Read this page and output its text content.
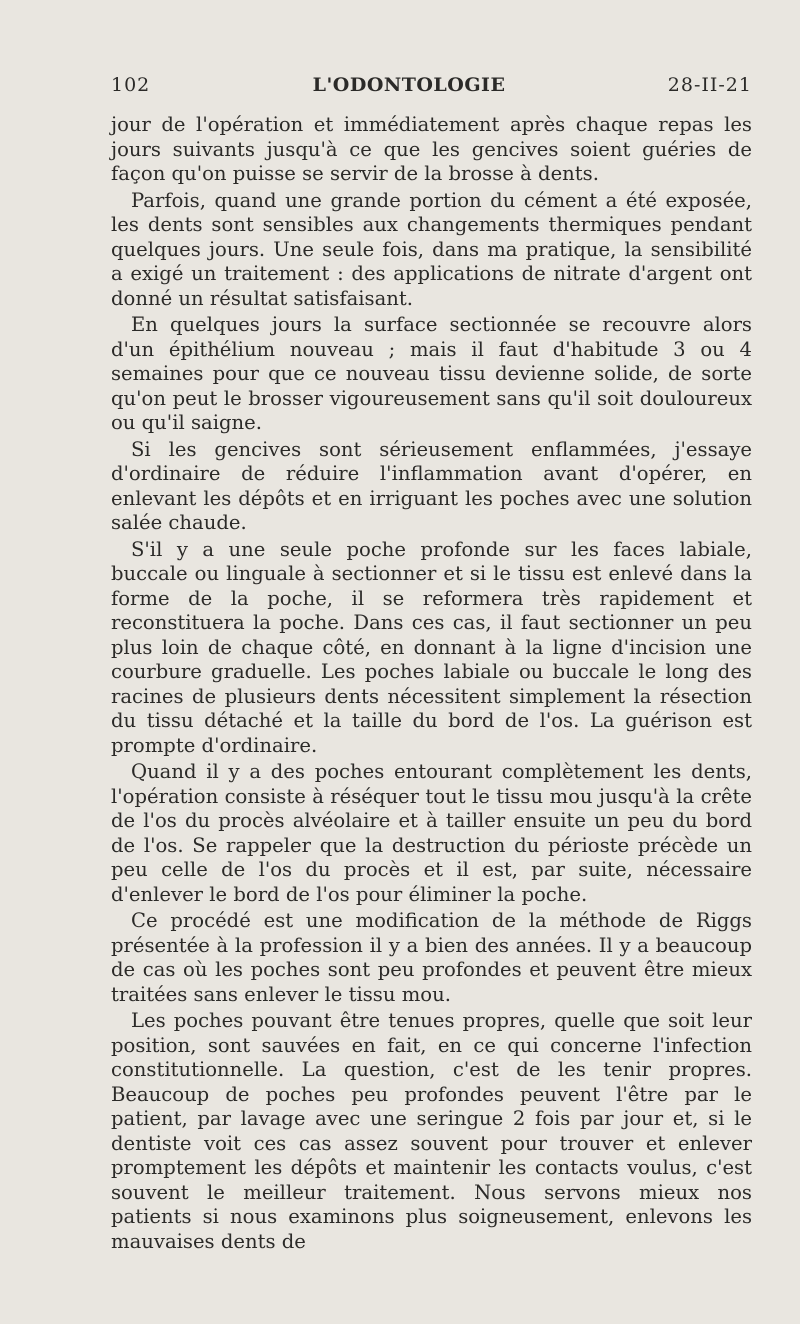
102	L'ODONTOLOGIE	28-II-21

jour de l'opération et immédiatement après chaque repas les jours suivants jusqu'à ce que les gencives soient guéries de façon qu'on puisse se servir de la brosse à dents.

Parfois, quand une grande portion du cément a été exposée, les dents sont sensibles aux changements thermiques pendant quelques jours. Une seule fois, dans ma pratique, la sensibilité a exigé un traitement : des applications de nitrate d'argent ont donné un résultat satisfaisant.

En quelques jours la surface sectionnée se recouvre alors d'un épithélium nouveau ; mais il faut d'habitude 3 ou 4 semaines pour que ce nouveau tissu devienne solide, de sorte qu'on peut le brosser vigoureusement sans qu'il soit douloureux ou qu'il saigne.

Si les gencives sont sérieusement enflammées, j'essaye d'ordinaire de réduire l'inflammation avant d'opérer, en enlevant les dépôts et en irriguant les poches avec une solution salée chaude.

S'il y a une seule poche profonde sur les faces labiale, buccale ou linguale à sectionner et si le tissu est enlevé dans la forme de la poche, il se reformera très rapidement et reconstituera la poche. Dans ces cas, il faut sectionner un peu plus loin de chaque côté, en donnant à la ligne d'incision une courbure graduelle. Les poches labiale ou buccale le long des racines de plusieurs dents nécessitent simplement la résection du tissu détaché et la taille du bord de l'os. La guérison est prompte d'ordinaire.

Quand il y a des poches entourant complètement les dents, l'opération consiste à réséquer tout le tissu mou jusqu'à la crête de l'os du procès alvéolaire et à tailler ensuite un peu du bord de l'os. Se rappeler que la destruction du périoste précède un peu celle de l'os du procès et il est, par suite, nécessaire d'enlever le bord de l'os pour éliminer la poche.

Ce procédé est une modification de la méthode de Riggs présentée à la profession il y a bien des années. Il y a beaucoup de cas où les poches sont peu profondes et peuvent être mieux traitées sans enlever le tissu mou.

Les poches pouvant être tenues propres, quelle que soit leur position, sont sauvées en fait, en ce qui concerne l'infection constitutionnelle. La question, c'est de les tenir propres. Beaucoup de poches peu profondes peuvent l'être par le patient, par lavage avec une seringue 2 fois par jour et, si le dentiste voit ces cas assez souvent pour trouver et enlever promptement les dépôts et maintenir les contacts voulus, c'est souvent le meilleur traitement. Nous servons mieux nos patients si nous examinons plus soigneusement, enlevons les mauvaises dents de
